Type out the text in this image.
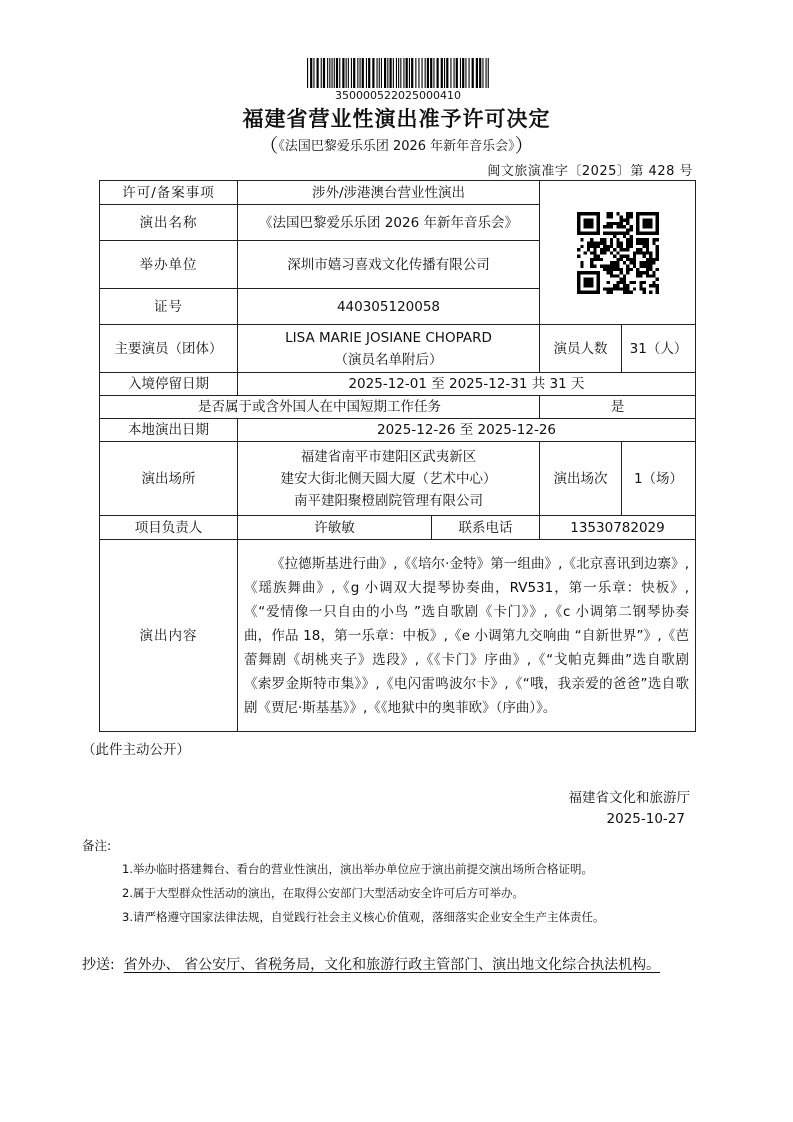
350000522025000410
福建省营业性演出准予许可决定
（《法国巴黎爱乐乐团 2026 年新年音乐会》）
闽文旅演准字〔2025〕第 428 号
许可/备案事项	涉外/涉港澳台营业性演出	

演出名称	《法国巴黎爱乐乐团 2026 年新年音乐会》			
举办单位	深圳市嬉习喜戏文化传播有限公司			
证号	440305120058			
主要演员（团体）	LISA MARIE JOSIANE CHOPARD
（演员名单附后）		演员人数	31（人）
入境停留日期	2025-12-01 至 2025-12-31 共 31 天			
是否属于或含外国人在中国短期工作任务			是	
本地演出日期	2025-12-26 至 2025-12-26			
演出场所	福建省南平市建阳区武夷新区
建安大街北侧天圆大厦（艺术中心）
南平建阳聚橙剧院管理有限公司		演出场次	1（场）
项目负责人	许敏敏	联系电话	13530782029	
演出内容	《拉德斯基进行曲》,《《培尔·金特》第一组曲》,《北京喜讯到边寨》,《瑶族舞曲》,《g 小调双大提琴协奏曲，RV531，第一乐章：快板》,《“爱情像一只自由的小鸟 ”选自歌剧《卡门》》,《c 小调第二钢琴协奏曲，作品 18，第一乐章：中板》,《e 小调第九交响曲 “自新世界”》,《芭蕾舞剧《胡桃夹子》选段》,《《卡门》序曲》,《“戈帕克舞曲”选自歌剧《索罗金斯特市集》》,《电闪雷鸣波尔卡》,《“哦，我亲爱的爸爸”选自歌剧《贾尼·斯基基》》,《《地狱中的奥菲欧》（序曲）》。			
（此件主动公开）
福建省文化和旅游厅
2025-10-27
备注:
1.举办临时搭建舞台、看台的营业性演出，演出举办单位应于演出前提交演出场所合格证明。
2.属于大型群众性活动的演出，在取得公安部门大型活动安全许可后方可举办。
3.请严格遵守国家法律法规，自觉践行社会主义核心价值观，落细落实企业安全生产主体责任。
抄送: 省外办、 省公安厅、省税务局，文化和旅游行政主管部门、演出地文化综合执法机构。
